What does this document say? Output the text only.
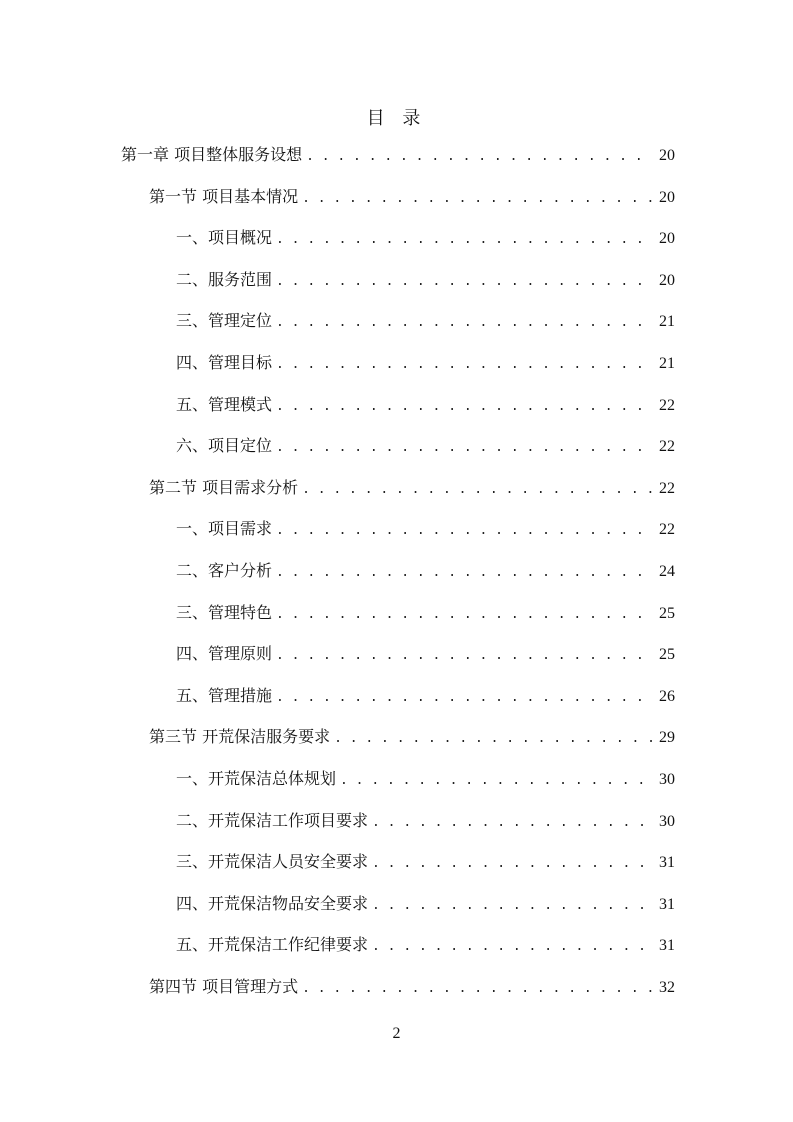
目 录
第一章 项目整体服务设想 . . .	20
第一节 项目基本情况 . . .	20
一、项目概况 . . .	20
二、服务范围 . . .	20
三、管理定位 . . .	21
四、管理目标 . . .	21
五、管理模式 . . .	22
六、项目定位 . . .	22
第二节 项目需求分析 . . .	22
一、项目需求 . . .	22
二、客户分析 . . .	24
三、管理特色 . . .	25
四、管理原则 . . .	25
五、管理措施 . . .	26
第三节 开荒保洁服务要求 . . .	29
一、开荒保洁总体规划 . . .	30
二、开荒保洁工作项目要求 . . .	30
三、开荒保洁人员安全要求 . . .	31
四、开荒保洁物品安全要求 . . .	31
五、开荒保洁工作纪律要求 . . .	31
第四节 项目管理方式 . . .	32
2
